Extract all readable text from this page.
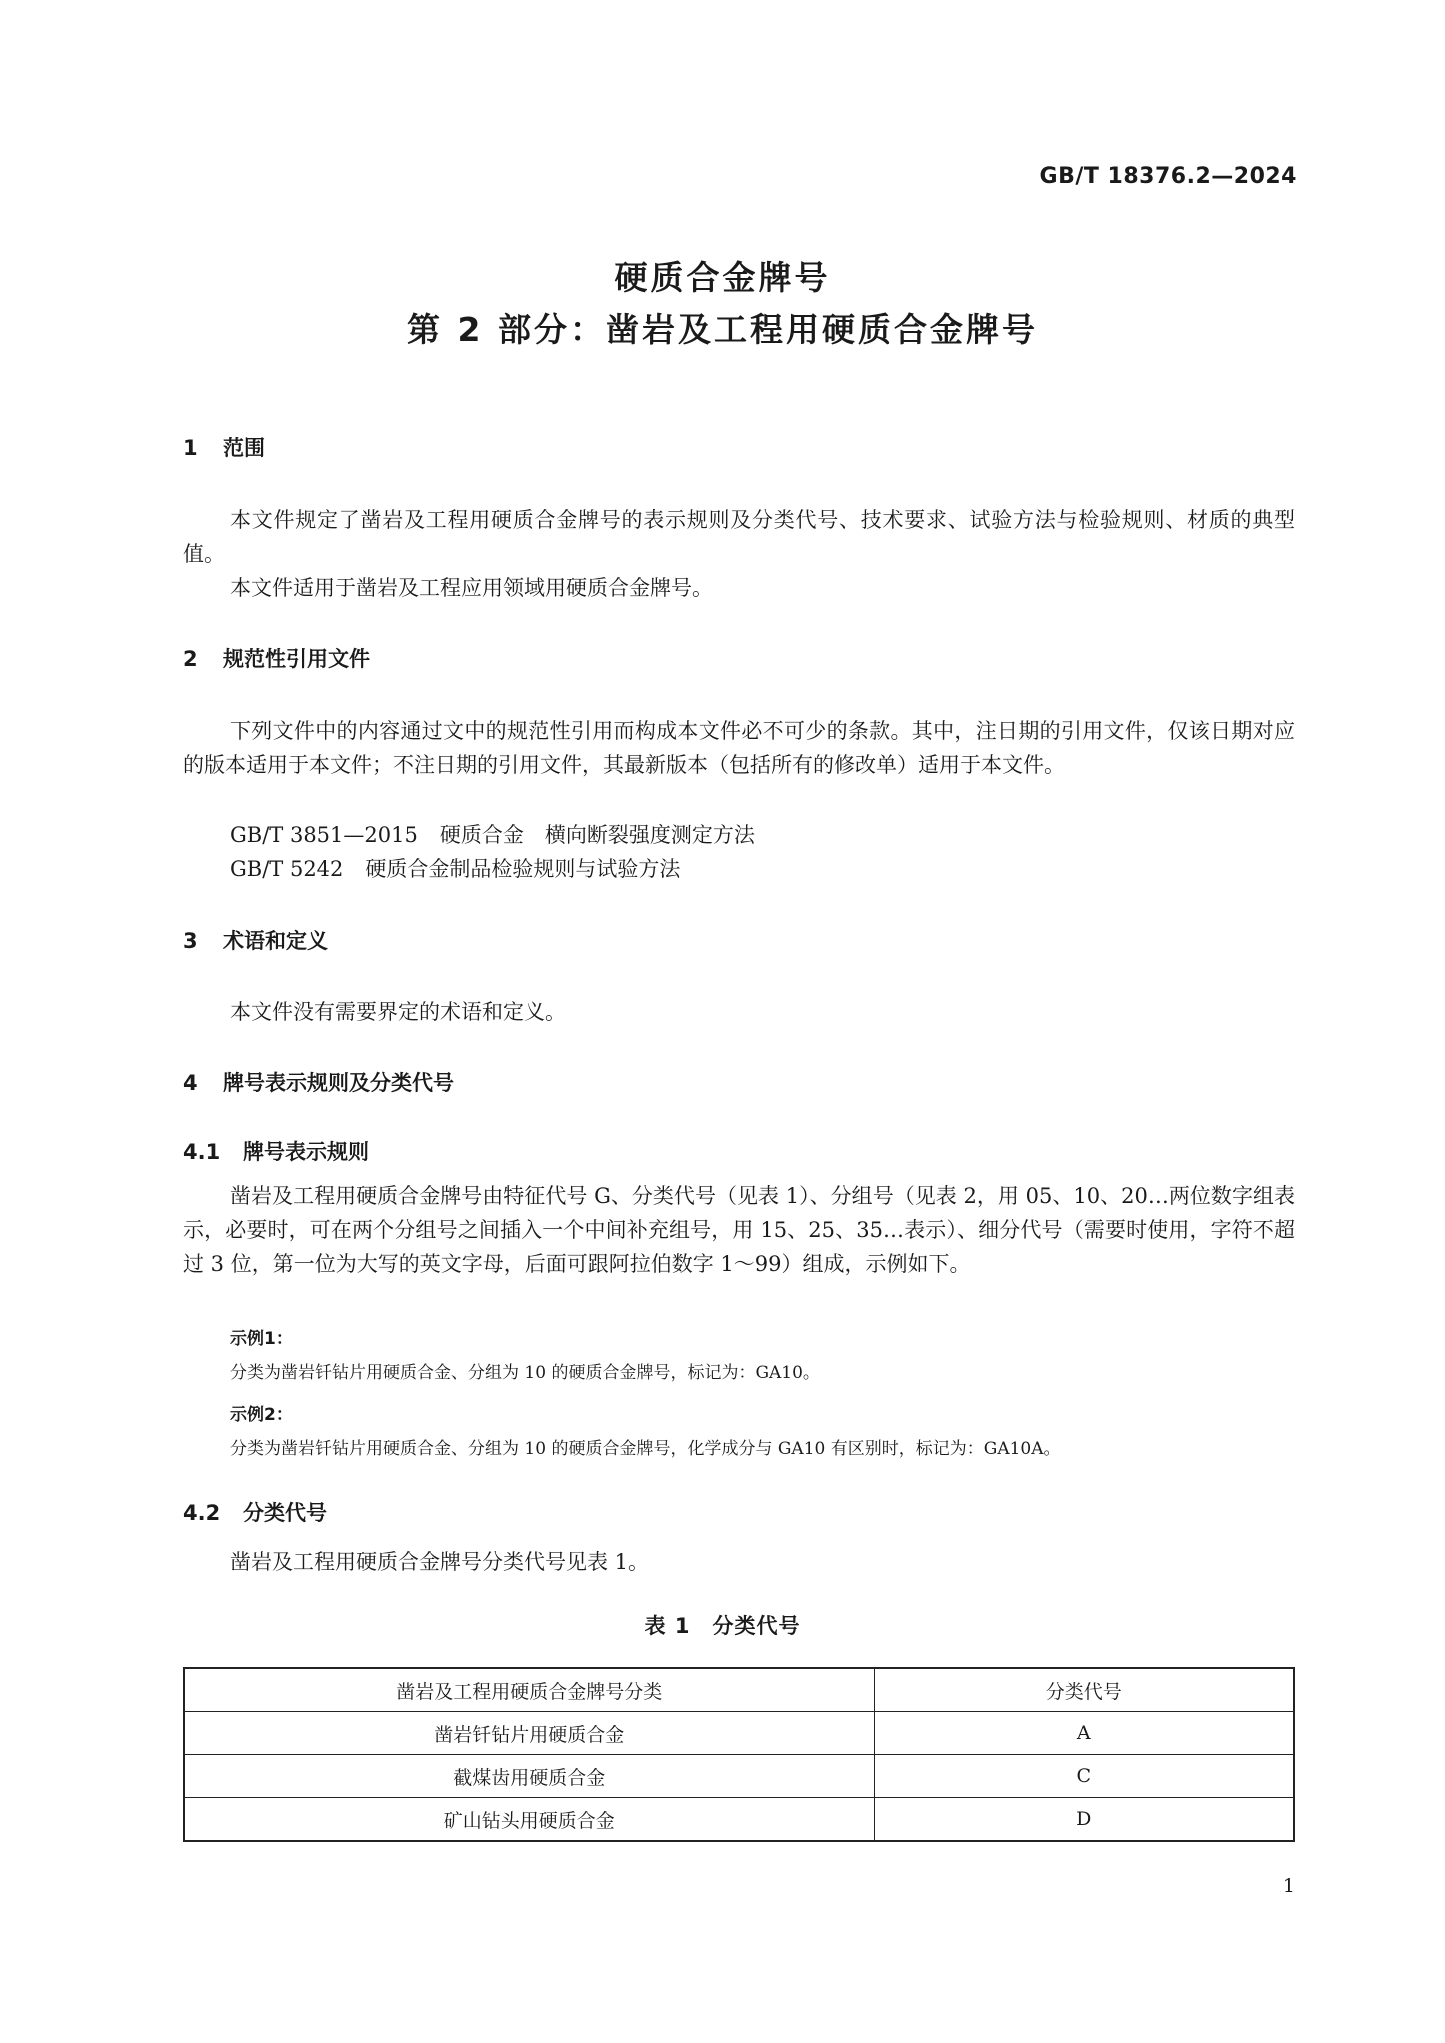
GB/T 18376.2—2024
硬质合金牌号
第 2 部分：凿岩及工程用硬质合金牌号
1 范围
本文件规定了凿岩及工程用硬质合金牌号的表示规则及分类代号、技术要求、试验方法与检验规则、材质的典型值。
本文件适用于凿岩及工程应用领域用硬质合金牌号。
2 规范性引用文件
下列文件中的内容通过文中的规范性引用而构成本文件必不可少的条款。其中，注日期的引用文件，仅该日期对应的版本适用于本文件；不注日期的引用文件，其最新版本（包括所有的修改单）适用于本文件。
GB/T 3851—2015 硬质合金　横向断裂强度测定方法
GB/T 5242 硬质合金制品检验规则与试验方法
3 术语和定义
本文件没有需要界定的术语和定义。
4 牌号表示规则及分类代号
4.1 牌号表示规则
凿岩及工程用硬质合金牌号由特征代号 G、分类代号（见表 1）、分组号（见表 2，用 05、10、20…两位数字组表示，必要时，可在两个分组号之间插入一个中间补充组号，用 15、25、35…表示）、细分代号（需要时使用，字符不超过 3 位，第一位为大写的英文字母，后面可跟阿拉伯数字 1～99）组成，示例如下。
示例1：
分类为凿岩钎钻片用硬质合金、分组为 10 的硬质合金牌号，标记为：GA10。
示例2：
分类为凿岩钎钻片用硬质合金、分组为 10 的硬质合金牌号，化学成分与 GA10 有区别时，标记为：GA10A。
4.2 分类代号
凿岩及工程用硬质合金牌号分类代号见表 1。
表 1　分类代号
凿岩及工程用硬质合金牌号分类	分类代号
凿岩钎钻片用硬质合金	A
截煤齿用硬质合金	C
矿山钻头用硬质合金	D
1
